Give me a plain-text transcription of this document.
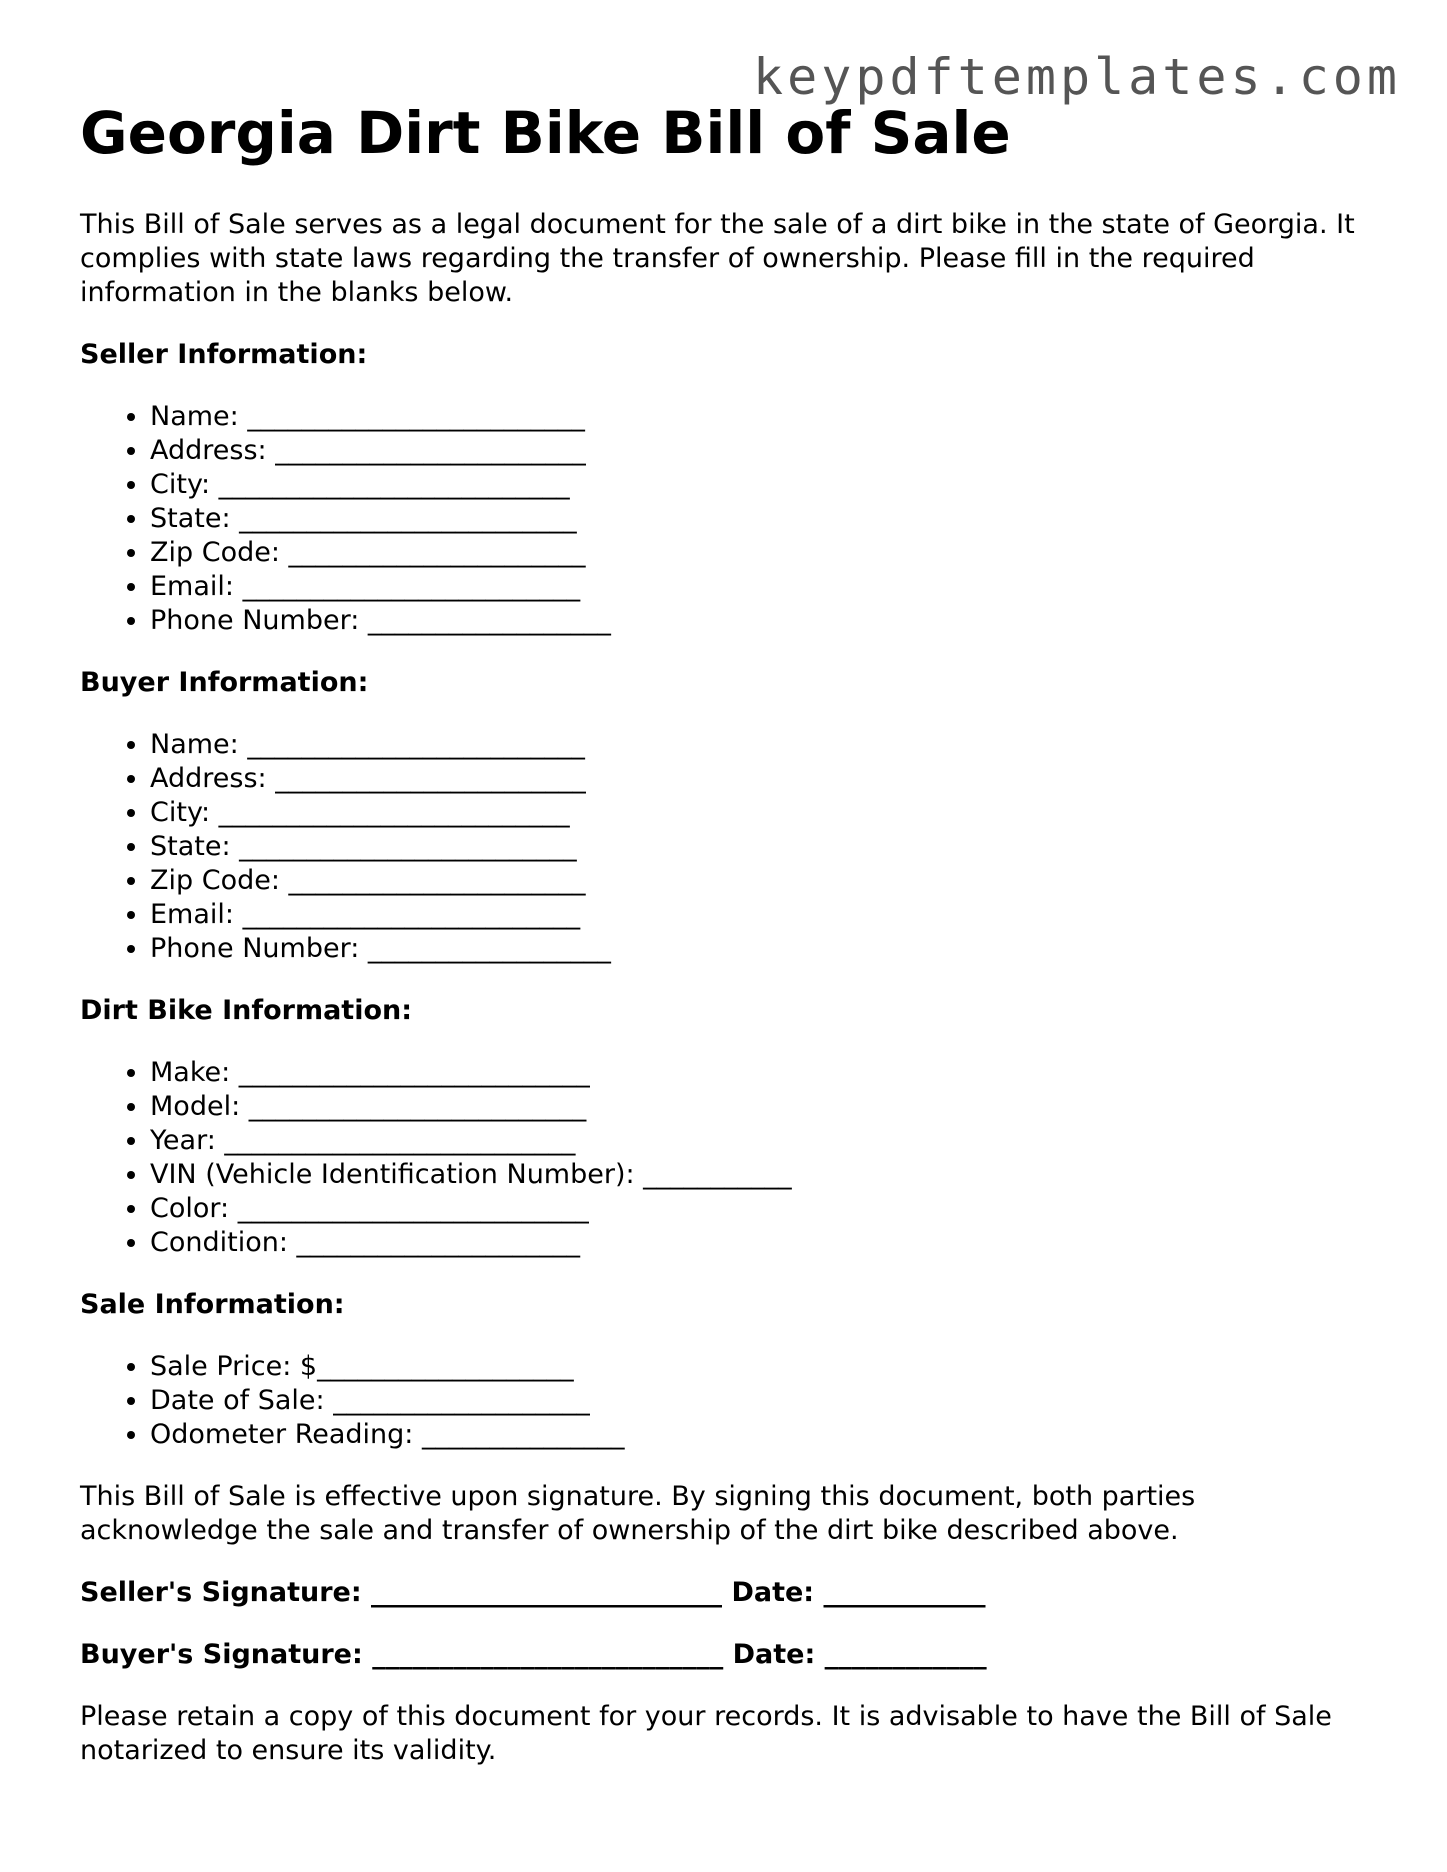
keypdftemplates.com
Georgia Dirt Bike Bill of Sale

This Bill of Sale serves as a legal document for the sale of a dirt bike in the state of Georgia. It complies with state laws regarding the transfer of ownership. Please fill in the required information in the blanks below.

Seller Information:
• Name: _________________________
• Address: _______________________
• City: __________________________
• State: _________________________
• Zip Code: ______________________
• Email: _________________________
• Phone Number: __________________
Buyer Information:
• Name: _________________________
• Address: _______________________
• City: __________________________
• State: _________________________
• Zip Code: ______________________
• Email: _________________________
• Phone Number: __________________
Dirt Bike Information:
• Make: __________________________
• Model: _________________________
• Year: __________________________
• VIN (Vehicle Identification Number): ___________
• Color: __________________________
• Condition: _____________________
Sale Information:
• Sale Price: $___________________
• Date of Sale: ___________________
• Odometer Reading: _______________

This Bill of Sale is effective upon signature. By signing this document, both parties acknowledge the sale and transfer of ownership of the dirt bike described above.

Seller's Signature: __________________________ Date: ____________

Buyer's Signature: __________________________ Date: ____________

Please retain a copy of this document for your records. It is advisable to have the Bill of Sale notarized to ensure its validity.
